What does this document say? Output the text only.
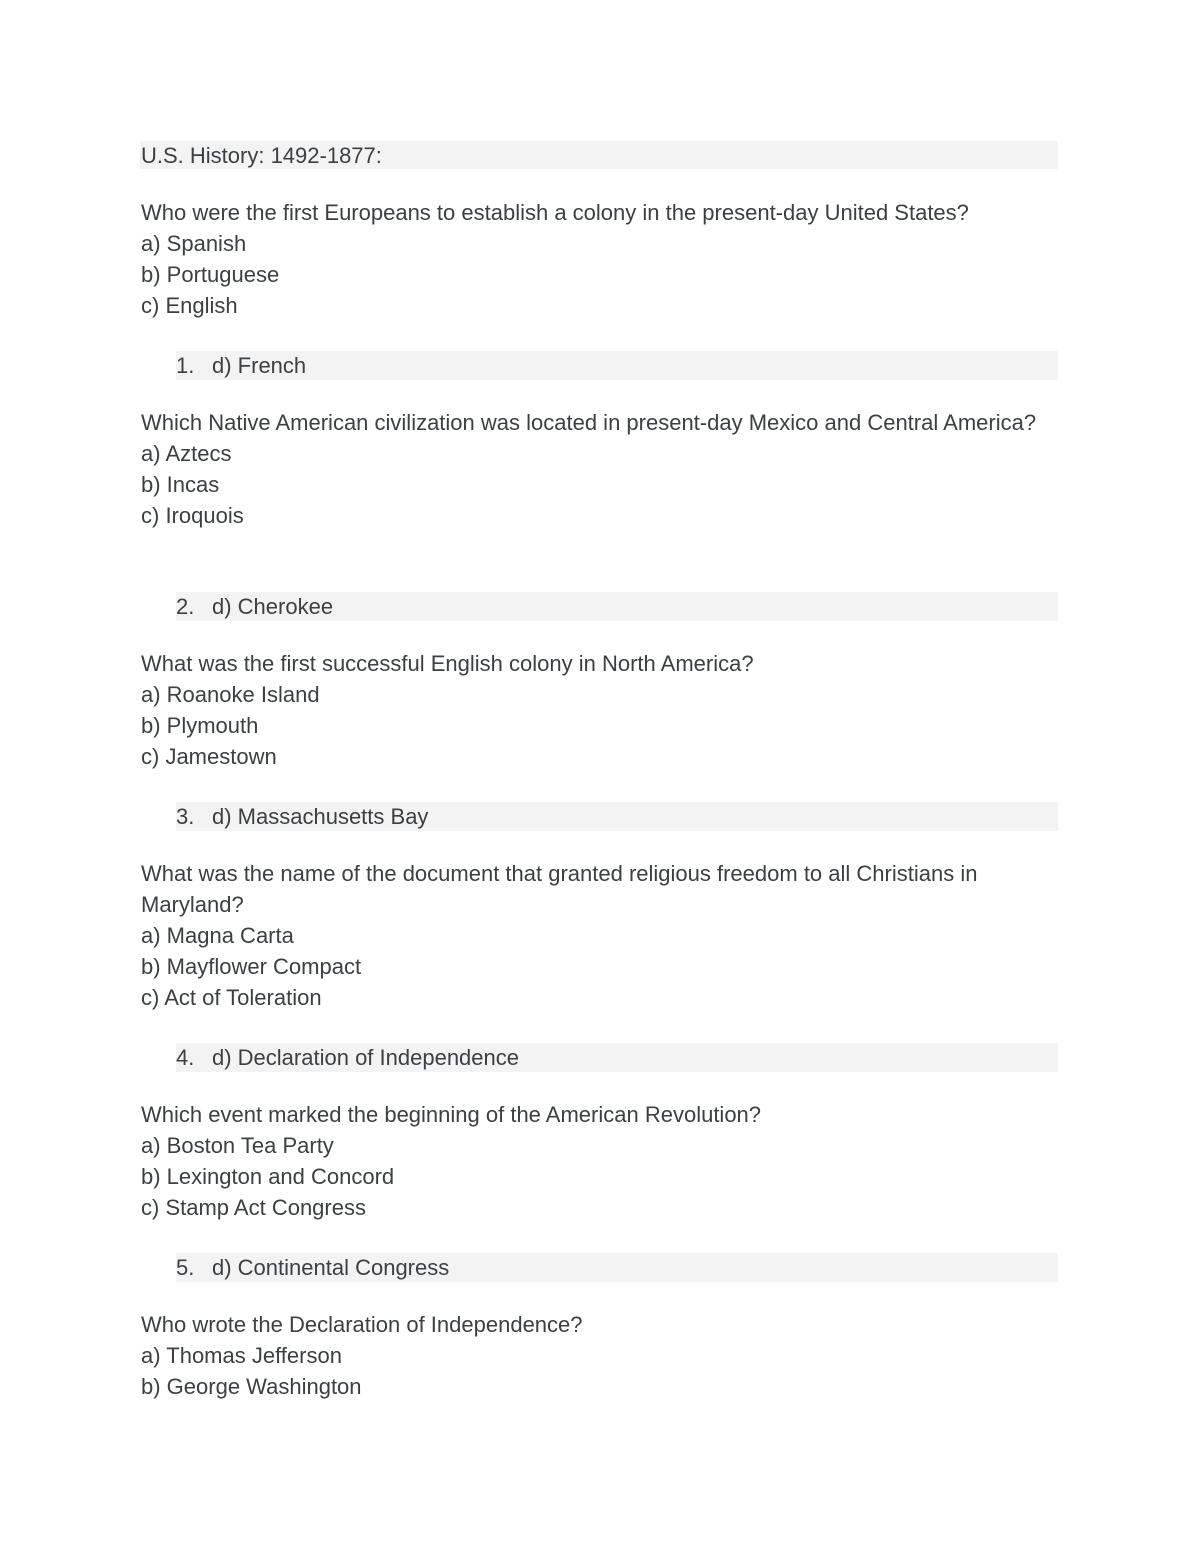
U.S. History: 1492-1877:

Who were the first Europeans to establish a colony in the present-day United States?

a) Spanish

b) Portuguese

c) English

1. d) French

Which Native American civilization was located in present-day Mexico and Central America?

a) Aztecs

b) Incas

c) Iroquois

2. d) Cherokee

What was the first successful English colony in North America?

a) Roanoke Island

b) Plymouth

c) Jamestown

3. d) Massachusetts Bay

What was the name of the document that granted religious freedom to all Christians in Maryland?

a) Magna Carta

b) Mayflower Compact

c) Act of Toleration

4. d) Declaration of Independence

Which event marked the beginning of the American Revolution?

a) Boston Tea Party

b) Lexington and Concord

c) Stamp Act Congress

5. d) Continental Congress

Who wrote the Declaration of Independence?

a) Thomas Jefferson

b) George Washington
